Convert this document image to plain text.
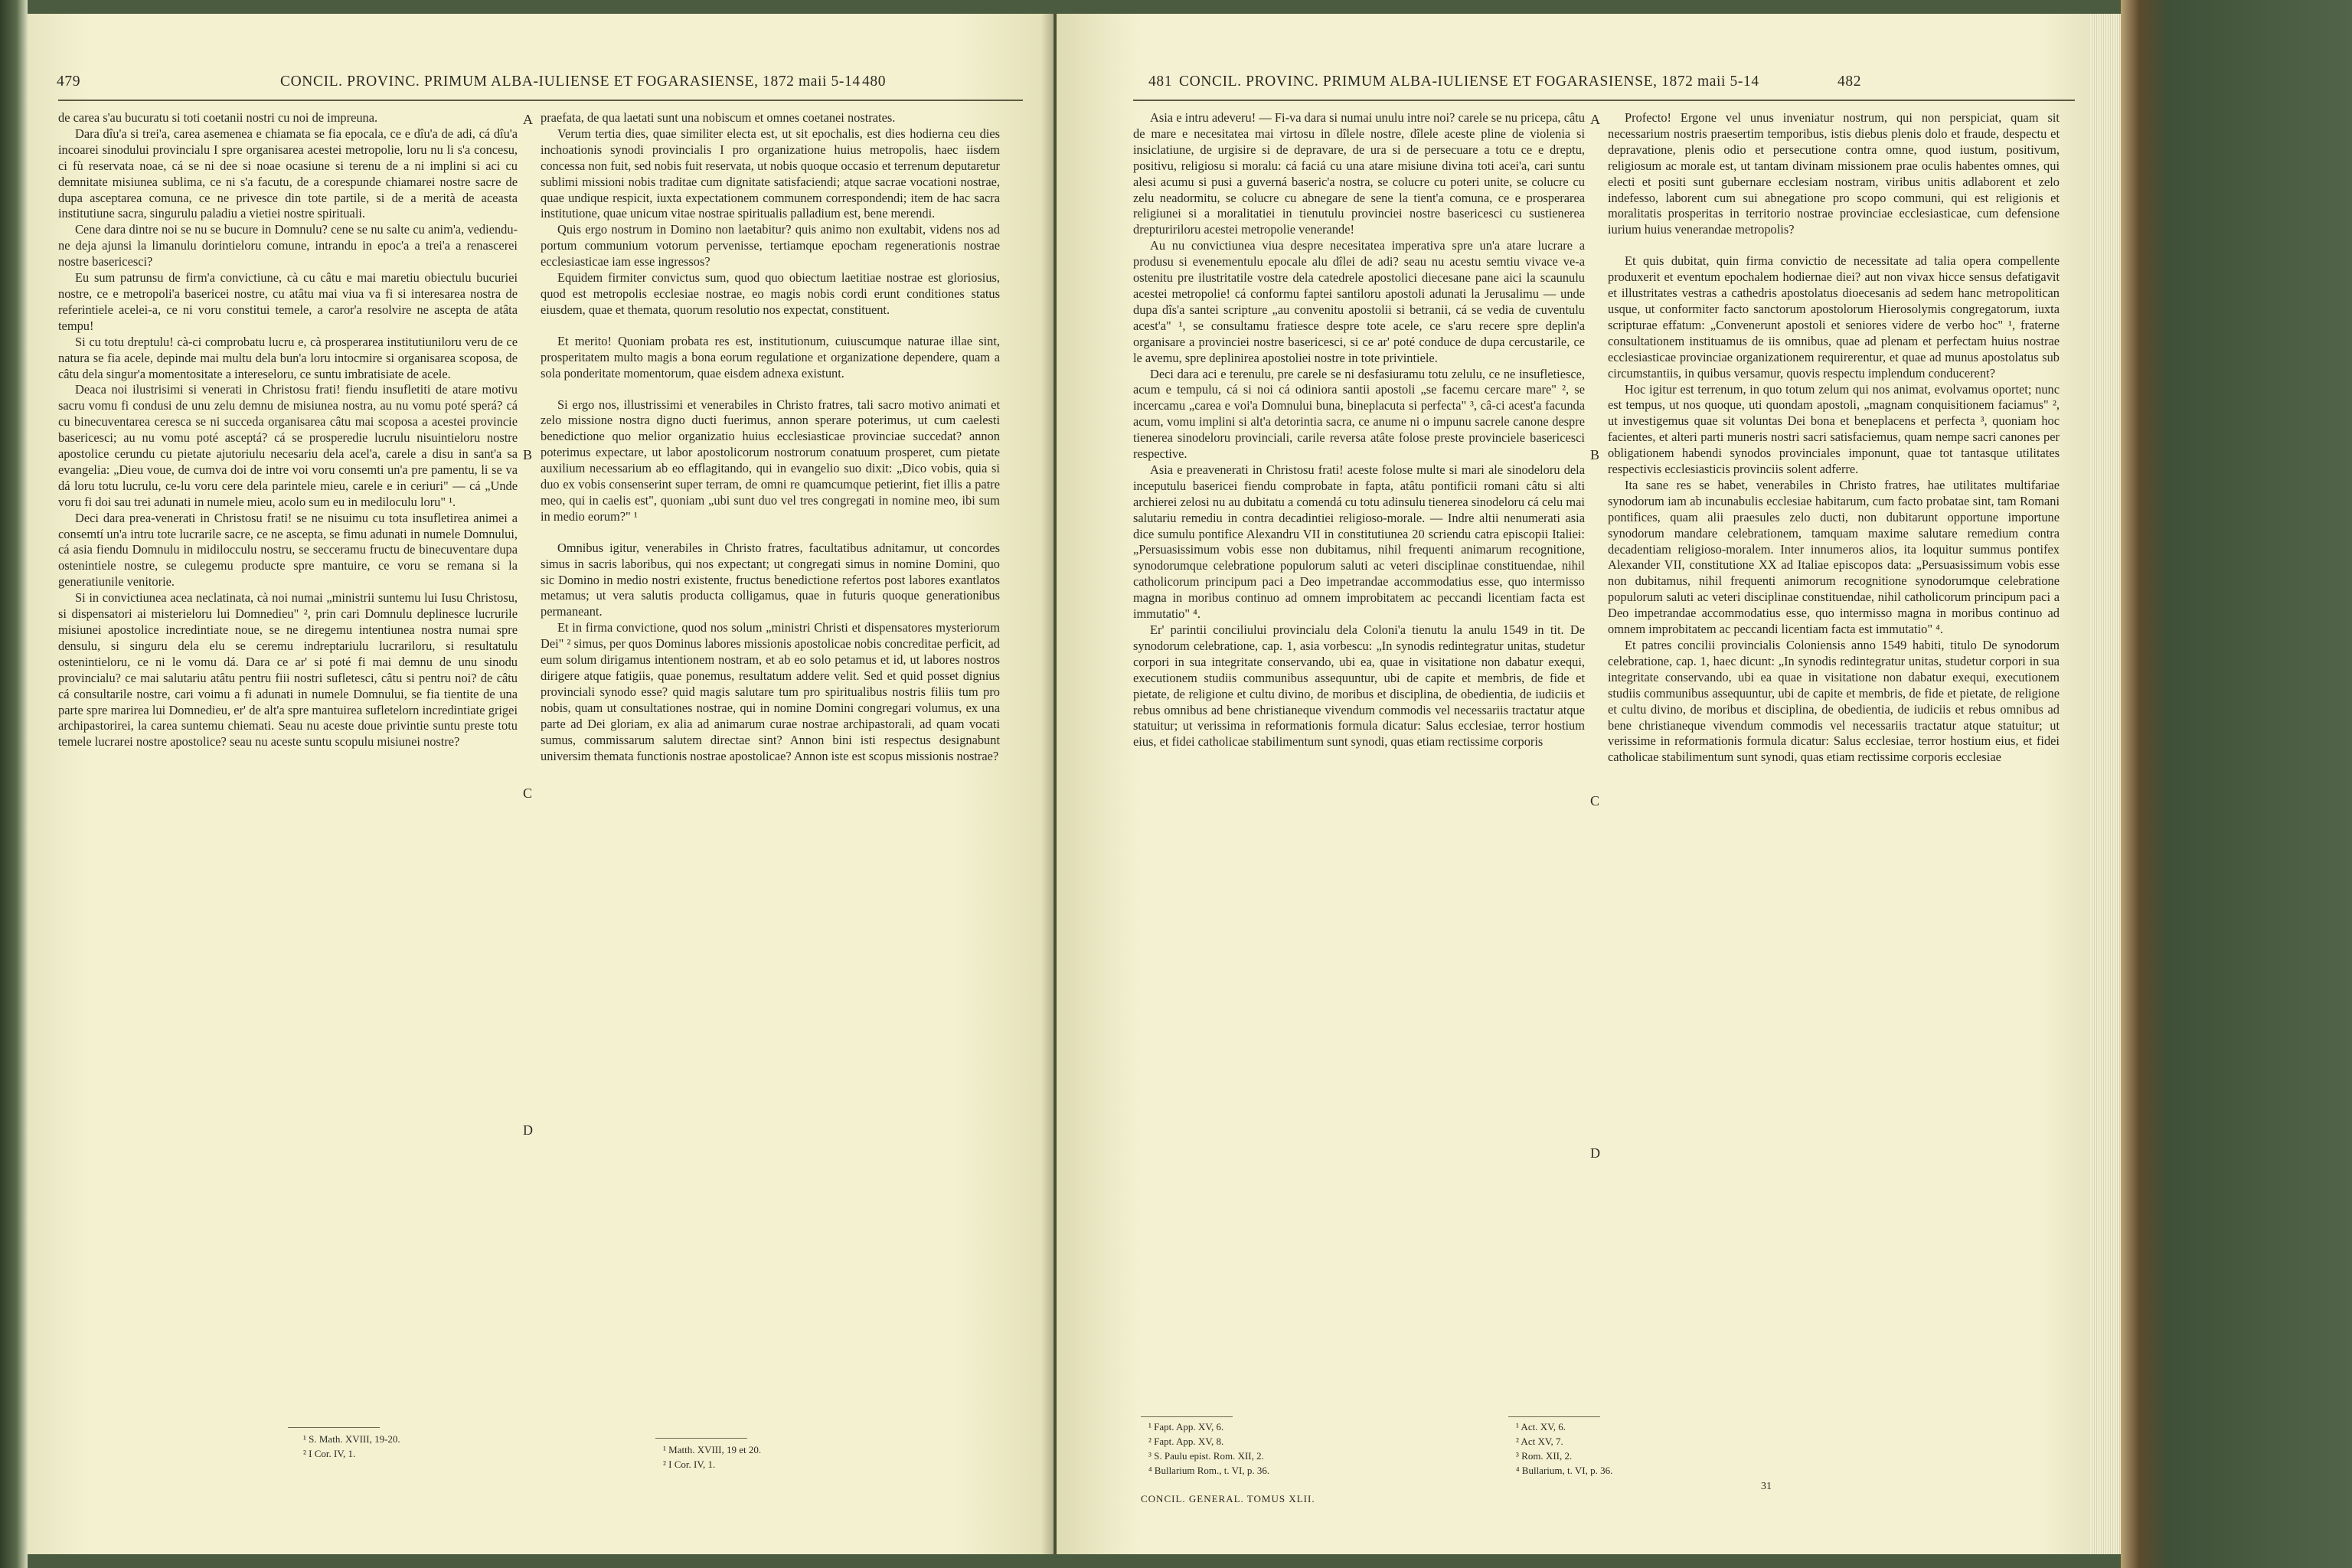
479	CONCIL. PROVINC. PRIMUM ALBA-IULIENSE ET FOGARASIENSE, 1872 maii 5-14 480

de carea s'au bucuratu si toti coetanii nostri cu noi de impreuna.

Dara dîu'a si trei'a, carea asemenea e chiamata se fia epocala, ce e dîu'a de adi, cá dîu'a incoarei sinodului provincialu I spre organisarea acestei metropolie, loru nu li s'a concesu, ci fù reservata noae, cá se ni dee si noae ocasiune si terenu de a ni implini si aci cu demnitate misiunea sublima, ce ni s'a facutu, de a corespunde chiamarei nostre sacre de dupa asceptarea comuna, ce ne privesce din tote partile, si de a merità de aceasta institutiune sacra, singurulu paladiu a vietiei nostre spirituali.

Cene dara dintre noi se nu se bucure in Domnulu? cene se nu salte cu anim'a, vediendu-ne deja ajunsi la limanulu dorintieloru comune, intrandu in epoc'a a trei'a a renascerei nostre basericesci?

Eu sum patrunsu de firm'a convictiune, cà cu câtu e mai maretiu obiectulu bucuriei nostre, ce e metropoli'a basericei nostre, cu atâtu mai viua va fi si interesarea nostra de referintiele acelei-a, ce ni voru constitui temele, a caror'a resolvire ne ascepta de atâta tempu!

Si cu totu dreptulu! cà-ci comprobatu lucru e, cà prosperarea institutiuniloru veru de ce natura se fia acele, depinde mai multu dela bun'a loru intocmire si organisarea scoposa, de câtu dela singur'a momentositate a intereseloru, ce suntu imbratisiate de acele.

Deaca noi ilustrisimi si venerati in Christosu frati! fiendu insufletiti de atare motivu sacru vomu fi condusi de unu zelu demnu de misiunea nostra, au nu vomu poté sperá? cá cu binecuventarea ceresca se ni succeda organisarea câtu mai scoposa a acestei provincie basericesci; au nu vomu poté asceptá? cá se prosperedie lucrulu nisuintieloru nostre apostolice cerundu cu pietate ajutoriulu necesariu dela acel'a, carele a disu in sant'a sa evangelia: „Dieu voue, de cumva doi de intre voi voru consemti un'a pre pamentu, li se va dá loru totu lucrulu, ce-lu voru cere dela parintele mieu, carele e in ceriuri" — cá „Unde voru fi doi sau trei adunati in numele mieu, acolo sum eu in mediloculu loru" ¹.

Deci dara prea-venerati in Christosu frati! se ne nisuimu cu tota insufletirea animei a consemtí un'a intru tote lucrarile sacre, ce ne ascepta, se fimu adunati in numele Domnului, cá asia fiendu Domnulu in midilocculu nostru, se secceramu fructu de binecuventare dupa ostenintiele nostre, se culegemu producte spre mantuire, ce voru se remana si la generatiunile venitorie.

Si in convictiunea acea neclatinata, cà noi numai „ministrii suntemu lui Iusu Christosu, si dispensatori ai misterieloru lui Domnedieu" ², prin cari Domnulu deplinesce lucrurile misiunei apostolice incredintiate noue, se ne diregemu intentiunea nostra numai spre densulu, si singuru dela elu se ceremu indreptariulu lucrariloru, si resultatulu ostenintieloru, ce ni le vomu dá. Dara ce ar' si poté fi mai demnu de unu sinodu provincialu? ce mai salutariu atâtu pentru fiii nostri sufletesci, câtu si pentru noi? de câtu cá consultarile nostre, cari voimu a fi adunati in numele Domnului, se fia tientite de una parte spre marirea lui Domnedieu, er' de alt'a spre mantuirea sufletelorn incredintiate grigei archipastorirei, la carea suntemu chiemati. Seau nu aceste doue privintie suntu preste totu temele lucrarei nostre apostolice? seau nu aceste suntu scopulu misiunei nostre?

A
B
C
D

praefata, de qua laetati sunt una nobiscum et omnes coetanei nostrates.

Verum tertia dies, quae similiter electa est, ut sit epochalis, est dies hodierna ceu dies inchoationis synodi provincialis I pro organizatione huius metropolis, haec iisdem concessa non fuit, sed nobis fuit reservata, ut nobis quoque occasio et terrenum deputaretur sublimi missioni nobis traditae cum dignitate satisfaciendi; atque sacrae vocationi nostrae, quae undique respicit, iuxta expectationem communem correspondendi; item de hac sacra institutione, quae unicum vitae nostrae spiritualis palladium est, bene merendi.

Quis ergo nostrum in Domino non laetabitur? quis animo non exultabit, videns nos ad portum communium votorum pervenisse, tertiamque epocham regenerationis nostrae ecclesiasticae iam esse ingressos?

Equidem firmiter convictus sum, quod quo obiectum laetitiae nostrae est gloriosius, quod est metropolis ecclesiae nostrae, eo magis nobis cordi erunt conditiones status eiusdem, quae et themata, quorum resolutio nos expectat, constituent.

Et merito! Quoniam probata res est, institutionum, cuiuscumque naturae illae sint, prosperitatem multo magis a bona eorum regulatione et organizatione dependere, quam a sola ponderitate momentorum, quae eisdem adnexa existunt.

Si ergo nos, illustrissimi et venerabiles in Christo fratres, tali sacro motivo animati et zelo missione nostra digno ducti fuerimus, annon sperare poterimus, ut cum caelesti benedictione quo melior organizatio huius ecclesiasticae provinciae succedat? annon poterimus expectare, ut labor apostolicorum nostrorum conatuum prosperet, cum pietate auxilium necessarium ab eo efflagitando, qui in evangelio suo dixit: „Dico vobis, quia si duo ex vobis consenserint super terram, de omni re quamcumque petierint, fiet illis a patre meo, qui in caelis est", quoniam „ubi sunt duo vel tres congregati in nomine meo, ibi sum in medio eorum?" ¹

Omnibus igitur, venerabiles in Christo fratres, facultatibus adnitamur, ut concordes simus in sacris laboribus, qui nos expectant; ut congregati simus in nomine Domini, quo sic Domino in medio nostri existente, fructus benedictione refertos post labores exantlatos metamus; ut vera salutis producta colligamus, quae in futuris quoque generationibus permaneant.

Et in firma convictione, quod nos solum „ministri Christi et dispensatores mysteriorum Dei" ² simus, per quos Dominus labores missionis apostolicae nobis concreditae perficit, ad eum solum dirigamus intentionem nostram, et ab eo solo petamus et id, ut labores nostros dirigere atque fatigiis, quae ponemus, resultatum addere velit. Sed et quid posset dignius provinciali synodo esse? quid magis salutare tum pro spiritualibus nostris filiis tum pro nobis, quam ut consultationes nostrae, qui in nomine Domini congregari volumus, ex una parte ad Dei gloriam, ex alia ad animarum curae nostrae archipastorali, ad quam vocati sumus, commissarum salutem directae sint? Annon bini isti respectus designabunt universim themata functionis nostrae apostolicae? Annon iste est scopus missionis nostrae?

¹ S. Math. XVIII, 19-20.
² I Cor. IV, 1.	¹ Matth. XVIII, 19 et 20.
² I Cor. IV, 1.
481 CONCIL. PROVINC. PRIMUM ALBA-IULIENSE ET FOGARASIENSE, 1872 maii 5-14	482

Asia e intru adeveru! — Fi-va dara si numai unulu intre noi? carele se nu pricepa, câtu de mare e necesitatea mai virtosu in dîlele nostre, dîlele aceste pline de violenia si insiclatiune, de urgisire si de depravare, de ura si de persecuare a totu ce e dreptu, positivu, religiosu si moralu: cá faciá cu una atare misiune divina toti acei'a, cari suntu alesi acumu si pusi a guverná baseric'a nostra, se colucre cu poteri unite, se colucre cu zelu neadormitu, se colucre cu abnegare de sene la tient'a comuna, ce e prosperarea religiunei si a moralitatiei in tienutulu provinciei nostre basericesci cu sustienerea dreptuririloru acestei metropolie venerande!

Au nu convictiunea viua despre necesitatea imperativa spre un'a atare lucrare a produsu si evenementulu epocale alu dîlei de adi? seau nu acestu semtiu vivace ve-a ostenitu pre ilustritatile vostre dela catedrele apostolici diecesane pane aici la scaunulu acestei metropolie! cá conformu faptei santiloru apostoli adunati la Jerusalimu — unde dupa dîs'a santei scripture „au convenitu apostolii si betranii, cá se vedia de cuventulu acest'a" ¹, se consultamu fratiesce despre tote acele, ce s'aru recere spre deplin'a organisare a provinciei nostre basericesci, si ce ar' poté conduce de dupa cercustarile, ce le avemu, spre deplinirea apostoliei nostre in tote privintiele.

Deci dara aci e terenulu, pre carele se ni desfasiuramu totu zelulu, ce ne insufletiesce, acum e tempulu, cá si noi cá odiniora santii apostoli „se facemu cercare mare" ², se incercamu „carea e voi'a Domnului buna, bineplacuta si perfecta" ³, câ-ci acest'a facunda acum, vomu implini si alt'a detorintia sacra, ce anume ni o impunu sacrele canone despre tienerea sinodeloru provinciali, carile reversa atâte folose preste provinciele basericesci respective.

Asia e preavenerati in Christosu frati! aceste folose multe si mari ale sinodeloru dela inceputulu basericei fiendu comprobate in fapta, atâtu pontificii romani câtu si alti archierei zelosi nu au dubitatu a comendá cu totu adinsulu tienerea sinodeloru cá celu mai salutariu remediu in contra decadintiei religioso-morale. — Indre altii nenumerati asia dice sumulu pontifice Alexandru VII in constitutiunea 20 scriendu catra episcopii Italiei: „Persuasissimum vobis esse non dubitamus, nihil frequenti animarum recognitione, synodorumque celebratione populorum saluti ac veteri disciplinae constituendae, nihil catholicorum principum paci a Deo impetrandae accommodatius esse, quo intermisso magna in moribus continuo ad omnem improbitatem ac peccandi licentiam facta est immutatio" ⁴.

Er' parintii conciliului provincialu dela Coloni'a tienutu la anulu 1549 in tit. De synodorum celebratione, cap. 1, asia vorbescu: „In synodis redintegratur unitas, studetur corpori in sua integritate conservando, ubi ea, quae in visitatione non dabatur exequi, executionem studiis communibus assequuntur, ubi de capite et membris, de fide et pietate, de religione et cultu divino, de moribus et disciplina, de obedientia, de iudiciis et rebus omnibus ad bene christianeque vivendum commodis vel necessariis tractatur atque statuitur; ut verissima in reformationis formula dicatur: Salus ecclesiae, terror hostium eius, et fidei catholicae stabilimentum sunt synodi, quas etiam rectissime corporis

A
B
C
D

Profecto! Ergone vel unus inveniatur nostrum, qui non perspiciat, quam sit necessarium nostris praesertim temporibus, istis diebus plenis dolo et fraude, despectu et depravatione, plenis odio et persecutione contra omne, quod iustum, positivum, religiosum ac morale est, ut tantam divinam missionem prae oculis habentes omnes, qui electi et positi sunt gubernare ecclesiam nostram, viribus unitis adlaborent et zelo indefesso, laborent cum sui abnegatione pro scopo communi, qui est religionis et moralitatis prosperitas in territorio nostrae provinciae ecclesiasticae, cum defensione iurium huius venerandae metropolis?

Et quis dubitat, quin firma convictio de necessitate ad talia opera compellente produxerit et eventum epochalem hodiernae diei? aut non vivax hicce sensus defatigavit et illustritates vestras a cathedris apostolatus dioecesanis ad sedem hanc metropolitican usque, ut conformiter facto sanctorum apostolorum Hierosolymis congregatorum, iuxta scripturae effatum: „Convenerunt apostoli et seniores videre de verbo hoc" ¹, fraterne consultationem instituamus de iis omnibus, quae ad plenam et perfectam huius nostrae ecclesiasticae provinciae organizationem requirerentur, et quae ad munus apostolatus sub circumstantiis, in quibus versamur, quovis respectu implendum conducerent?

Hoc igitur est terrenum, in quo totum zelum qui nos animat, evolvamus oportet; nunc est tempus, ut nos quoque, uti quondam apostoli, „magnam conquisitionem faciamus" ², ut investigemus quae sit voluntas Dei bona et beneplacens et perfecta ³, quoniam hoc facientes, et alteri parti muneris nostri sacri satisfaciemus, quam nempe sacri canones per obligationem habendi synodos provinciales imponunt, quae tot tantasque utilitates respectivis ecclesiasticis provinciis solent adferre.

Ita sane res se habet, venerabiles in Christo fratres, hae utilitates multifariae synodorum iam ab incunabulis ecclesiae habitarum, cum facto probatae sint, tam Romani pontifices, quam alii praesules zelo ducti, non dubitarunt opportune importune synodorum mandare celebrationem, tamquam maxime salutare remedium contra decadentiam religioso-moralem. Inter innumeros alios, ita loquitur summus pontifex Alexander VII, constitutione XX ad Italiae episcopos data: „Persuasissimum vobis esse non dubitamus, nihil frequenti animorum recognitione synodorumque celebratione populorum saluti ac veteri disciplinae constituendae, nihil catholicorum principum paci a Deo impetrandae accommodatius esse, quo intermisso magna in moribus continuo ad omnem improbitatem ac peccandi licentiam facta est immutatio" ⁴.

Et patres concilii provincialis Coloniensis anno 1549 habiti, titulo De synodorum celebratione, cap. 1, haec dicunt: „In synodis redintegratur unitas, studetur corpori in sua integritate conservando, ubi ea quae in visitatione non dabatur exequi, executionem studiis communibus assequuntur, ubi de capite et membris, de fide et pietate, de religione et cultu divino, de moribus et disciplina, de obedientia, de iudiciis et rebus omnibus ad bene christianeque vivendum commodis vel necessariis tractatur atque statuitur; ut verissime in reformationis formula dicatur: Salus ecclesiae, terror hostium eius, et fidei catholicae stabilimentum sunt synodi, quas etiam rectissime corporis ecclesiae

¹ Fapt. App. XV, 6.
² Fapt. App. XV, 8.
³ S. Paulu epist. Rom. XII, 2.
⁴ Bullarium Rom., t. VI, p. 36.
CONCIL. GENERAL. TOMUS XLII.
¹ Act. XV, 6.
² Act XV, 7.
³ Rom. XII, 2.
⁴ Bullarium, t. VI, p. 36.
31
